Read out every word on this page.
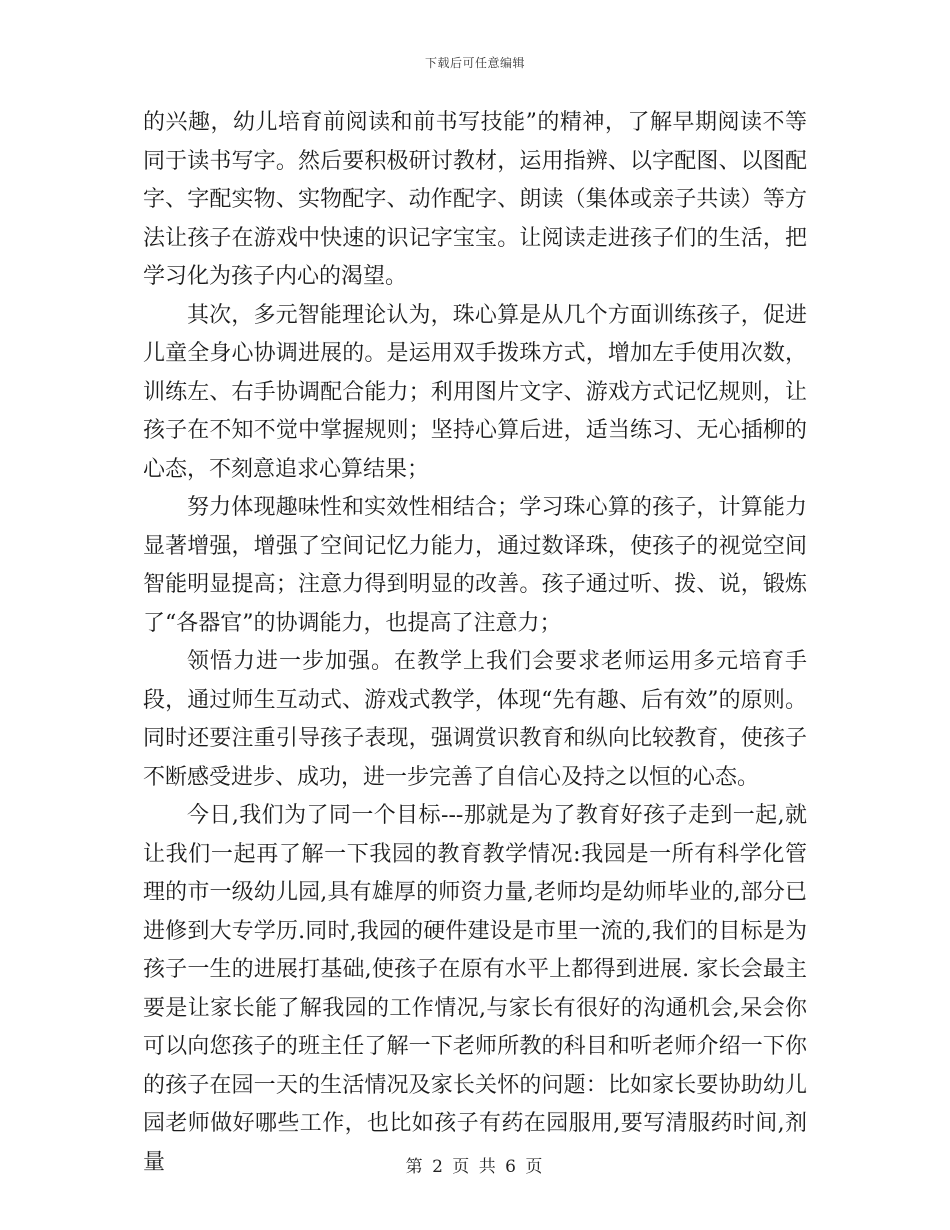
下载后可任意编辑

的兴趣，幼儿培育前阅读和前书写技能”的精神，了解早期阅读不等同于读书写字。然后要积极研讨教材，运用指辨、以字配图、以图配字、字配实物、实物配字、动作配字、朗读（集体或亲子共读）等方法让孩子在游戏中快速的识记字宝宝。让阅读走进孩子们的生活，把学习化为孩子内心的渴望。

其次，多元智能理论认为，珠心算是从几个方面训练孩子，促进儿童全身心协调进展的。是运用双手拨珠方式，增加左手使用次数，训练左、右手协调配合能力；利用图片文字、游戏方式记忆规则，让孩子在不知不觉中掌握规则；坚持心算后进，适当练习、无心插柳的心态，不刻意追求心算结果；

努力体现趣味性和实效性相结合；学习珠心算的孩子，计算能力显著增强，增强了空间记忆力能力，通过数译珠，使孩子的视觉空间智能明显提高；注意力得到明显的改善。孩子通过听、拨、说，锻炼了“各器官”的协调能力，也提高了注意力；

领悟力进一步加强。在教学上我们会要求老师运用多元培育手段，通过师生互动式、游戏式教学，体现“先有趣、后有效”的原则。同时还要注重引导孩子表现，强调赏识教育和纵向比较教育，使孩子不断感受进步、成功，进一步完善了自信心及持之以恒的心态。

今日,我们为了同一个目标---那就是为了教育好孩子走到一起,就让我们一起再了解一下我园的教育教学情况:我园是一所有科学化管理的市一级幼儿园,具有雄厚的师资力量,老师均是幼师毕业的,部分已进修到大专学历.同时,我园的硬件建设是市里一流的,我们的目标是为孩子一生的进展打基础,使孩子在原有水平上都得到进展. 家长会最主要是让家长能了解我园的工作情况,与家长有很好的沟通机会,呆会你可以向您孩子的班主任了解一下老师所教的科目和听老师介绍一下你的孩子在园一天的生活情况及家长关怀的问题：比如家长要协助幼儿园老师做好哪些工作，也比如孩子有药在园服用,要写清服药时间,剂量	第 2 页 共 6 页
